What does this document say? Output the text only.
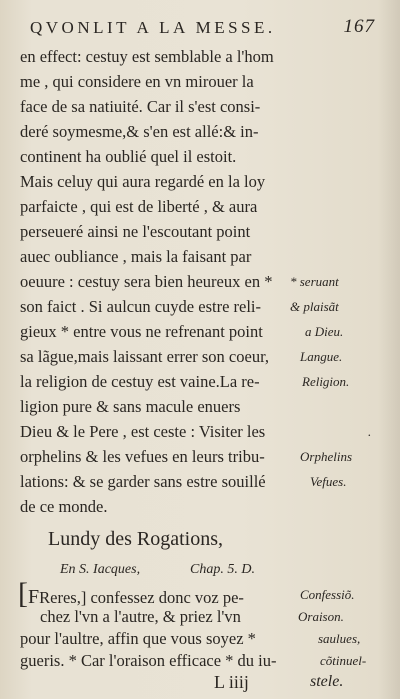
QVONLIT A LA MESSE.	167
en effect: cestuy est semblable a l'hom
me , qui considere en vn mirouer la
face de sa natiuité. Car il s'est consi-
deré soymesme,& s'en est allé:& in-
continent ha oublié quel il estoit.
Mais celuy qui aura regardé en la loy
parfaicte , qui est de liberté , & aura
perseueré ainsi ne l'escoutant point
auec oubliance , mais la faisant par
oeuure : cestuy sera bien heureux en *
son faict . Si aulcun cuyde estre reli-
gieux * entre vous ne refrenant point
sa lãgue,mais laissant errer son coeur,
la religion de cestuy est vaine.La re-
ligion pure & sans macule enuers
Dieu & le Pere , est ceste : Visiter les
orphelins & les vefues en leurs tribu-
* seruant
& plaisãt
a Dieu.
Langue.
Religion.
.
Orphelins
Vefues.
lations: & se garder sans estre souillé
de ce monde.
Lundy des Rogations,
En S. Iacques,	Chap. 5. D.
[FReres,] confessez donc voz pe-
chez l'vn a l'autre, & priez l'vn
pour l'aultre, affin que vous soyez *
gueris. * Car l'oraison efficace * du iu-
Confessiõ.
Oraison.
saulues,
cõtinuel-
L iiij	stele.
